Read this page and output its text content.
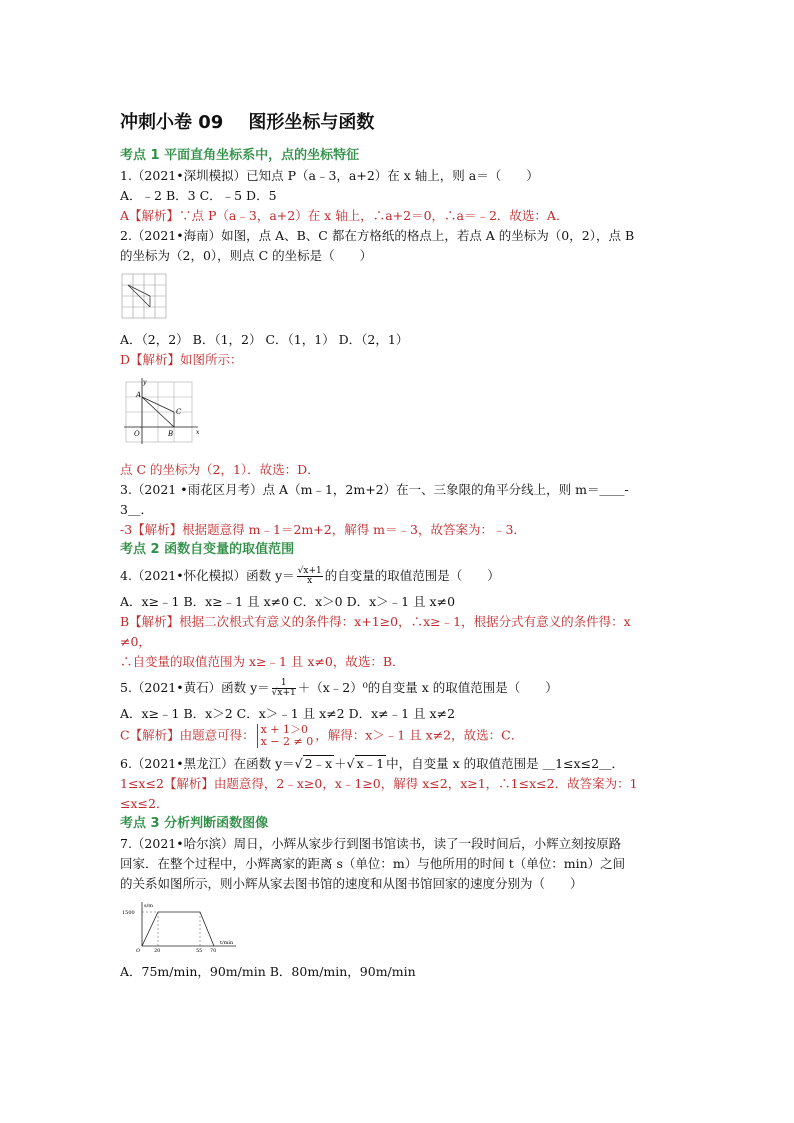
冲刺小卷 09    图形坐标与函数
考点 1 平面直角坐标系中，点的坐标特征
1.（2021•深圳模拟）已知点 P（a﹣3，a+2）在 x 轴上，则 a＝（　　）
A．﹣2 B．3 C．﹣5 D．5
A【解析】∵点 P（a﹣3，a+2）在 x 轴上，∴a+2＝0，∴a＝﹣2．故选：A．
2.（2021•海南）如图，点 A、B、C 都在方格纸的格点上，若点 A 的坐标为（0，2），点 B
的坐标为（2，0），则点 C 的坐标是（　　）
A．（2，2） B．（1，2） C．（1，1） D．（2，1）
D【解析】如图所示：
y
A
C
O	B	x
点 C 的坐标为（2，1）．故选：D．
3.（2021 •雨花区月考）点 A（m﹣1，2m+2）在一、三象限的角平分线上，则 m＝＿＿-
3＿．
-3【解析】根据题意得 m﹣1＝2m+2，解得 m＝﹣3，故答案为：﹣3．
考点 2 函数自变量的取值范围
4.（2021•怀化模拟）函数 $y= \frac{√x+1}{x}$ 的自变量的取值范围是（　　）
A．x≥﹣1 B．x≥﹣1 且 x≠0 C．x＞0 D．x＞﹣1 且 x≠0
B【解析】根据二次根式有意义的条件得：x+1≥0，∴x≥﹣1，根据分式有意义的条件得：x
≠0，
∴自变量的取值范围为 x≥﹣1 且 x≠0，故选：B．
5.（2021•黄石）函数 $y= \frac{1}{√x+1}$ ＋（x﹣2）⁰的自变量 x 的取值范围是（　　）
A．x≥﹣1 B．x＞2 C．x＞﹣1 且 x≠2 D．x≠﹣1 且 x≠2
C【解析】由题意可得： x + 1＞0
x − 2 ≠ 0 ，解得：x＞﹣1 且 x≠2，故选：C．
6.（2021•黑龙江）在函数 y＝√ 2﹣x ＋√ x﹣1 中，自变量 x 的取值范围是 ＿1≤x≤2＿．
1≤x≤2【解析】由题意得，2﹣x≥0，x﹣1≥0，解得 x≤2，x≥1，∴1≤x≤2．故答案为：1
≤x≤2．
考点 3 分析判断函数图像
7.（2021•哈尔滨）周日，小辉从家步行到图书馆读书，读了一段时间后，小辉立刻按原路
回家．在整个过程中，小辉离家的距离 s（单位：m）与他所用的时间 t（单位：min）之间
的关系如图所示，则小辉从家去图书馆的速度和从图书馆回家的速度分别为（　　）
s/m
1500
O	20	55 70
t/min
A．75m/min，90m/min B．80m/min，90m/min
